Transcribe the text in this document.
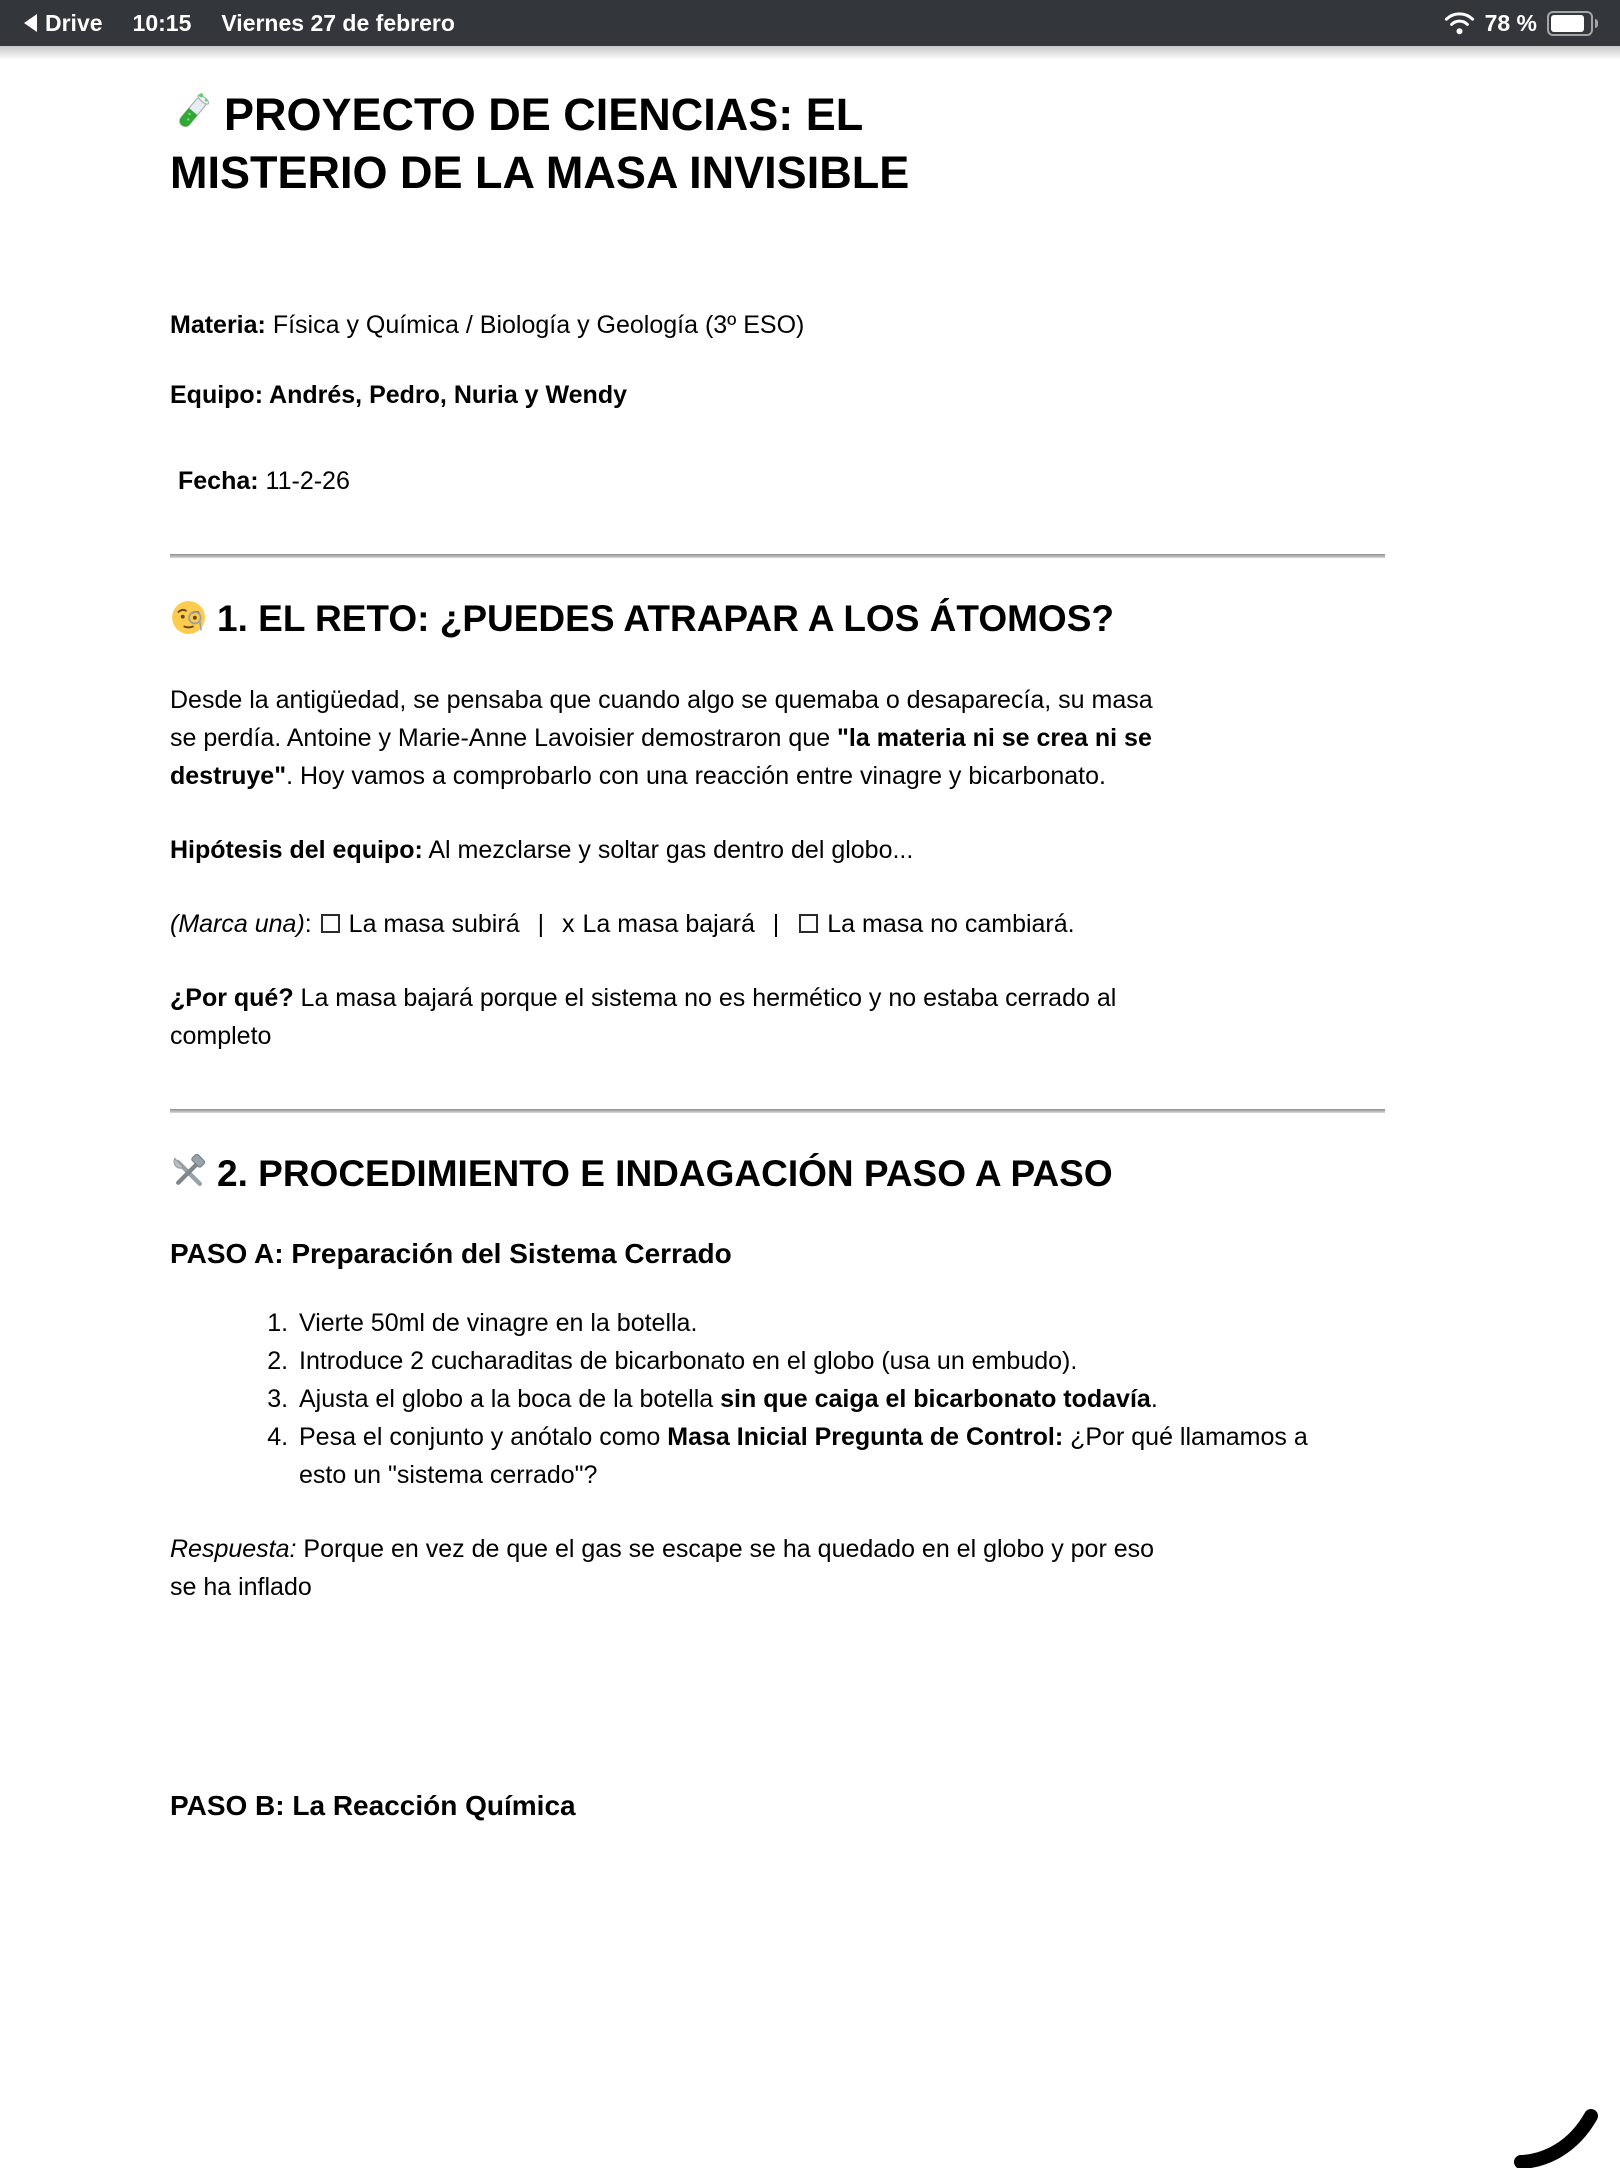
Drive 10:15 Viernes 27 de febrero	78 %
PROYECTO DE CIENCIAS: EL MISTERIO DE LA MASA INVISIBLE

Materia: Física y Química / Biología y Geología (3º ESO)

Equipo: Andrés, Pedro, Nuria y Wendy

Fecha: 11-2-26

1. EL RETO: ¿PUEDES ATRAPAR A LOS ÁTOMOS?

Desde la antigüedad, se pensaba que cuando algo se quemaba o desaparecía, su masa se perdía. Antoine y Marie-Anne Lavoisier demostraron que "la materia ni se crea ni se destruye". Hoy vamos a comprobarlo con una reacción entre vinagre y bicarbonato.

Hipótesis del equipo: Al mezclarse y soltar gas dentro del globo...

(Marca una): La masa subirá | x La masa bajará | La masa no cambiará.

¿Por qué? La masa bajará porque el sistema no es hermético y no estaba cerrado al completo

2. PROCEDIMIENTO E INDAGACIÓN PASO A PASO
PASO A: Preparación del Sistema Cerrado
1. Vierte 50ml de vinagre en la botella.
2. Introduce 2 cucharaditas de bicarbonato en el globo (usa un embudo).
3. Ajusta el globo a la boca de la botella sin que caiga el bicarbonato todavía.
4. Pesa el conjunto y anótalo como Masa Inicial Pregunta de Control: ¿Por qué llamamos a esto un "sistema cerrado"?

Respuesta: Porque en vez de que el gas se escape se ha quedado en el globo y por eso se ha inflado

PASO B: La Reacción Química
